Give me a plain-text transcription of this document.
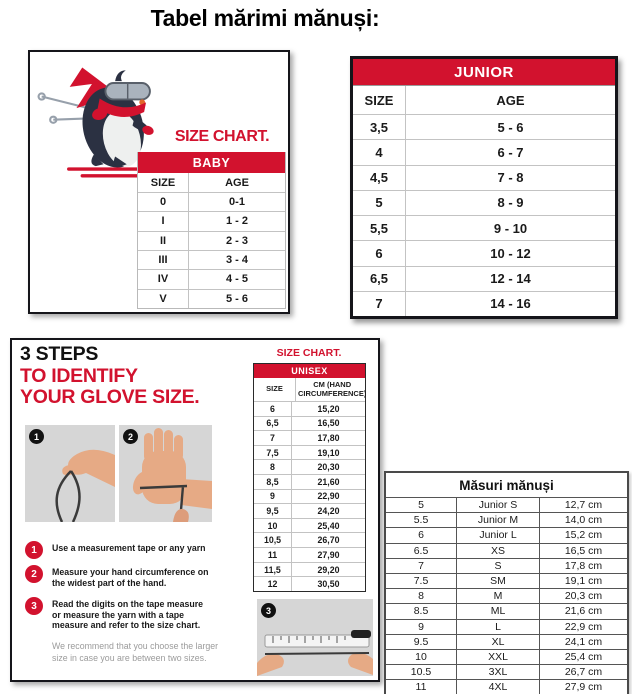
Tabel mărimi mănuși:
SIZE CHART.
BABY
SIZE	AGE
0	0-1
I	1 - 2
II	2 - 3
III	3 - 4
IV	4 - 5
V	5 - 6
JUNIOR
SIZE	AGE
3,5	5 - 6
4	6 - 7
4,5	7 - 8
5	8 - 9
5,5	9 - 10
6	10 - 12
6,5	12 - 14
7	14 - 16
3 STEPS
TO IDENTIFY
YOUR GLOVE SIZE.
1	2
1	Use a measurement tape or any yarn
2	Measure your hand circumference on the widest part of the hand.
3	Read the digits on the tape measure or measure the yarn with a tape measure and refer to the size chart.
We recommend that you choose the larger size in case you are between two sizes.
SIZE CHART.
UNISEX
SIZE	CM (HAND CIRCUMFERENCE)
6	15,20
6,5	16,50
7	17,80
7,5	19,10
8	20,30
8,5	21,60
9	22,90
9,5	24,20
10	25,40
10,5	26,70
11	27,90
11,5	29,20
12	30,50
3
Măsuri mănuși
5	Junior S	12,7 cm
5.5	Junior M	14,0 cm
6	Junior L	15,2 cm
6.5	XS	16,5 cm
7	S	17,8 cm
7.5	SM	19,1 cm
8	M	20,3 cm
8.5	ML	21,6 cm
9	L	22,9 cm
9.5	XL	24,1 cm
10	XXL	25,4 cm
10.5	3XL	26,7 cm
11	4XL	27,9 cm
